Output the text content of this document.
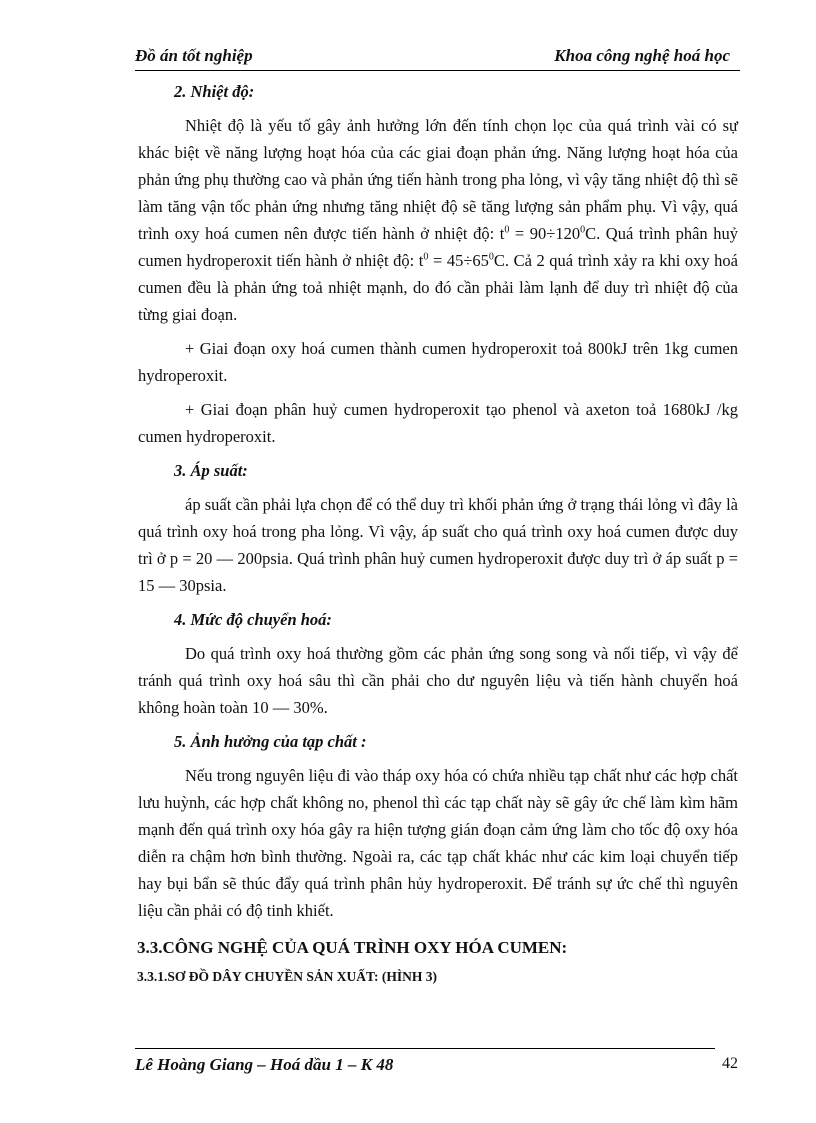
Đồ án tốt nghiệp	Khoa công nghệ hoá học
2. Nhiệt độ:

Nhiệt độ là yếu tố gây ảnh hưởng lớn đến tính chọn lọc của quá trình vài có sự khác biệt về năng lượng hoạt hóa của các giai đoạn phản ứng. Năng lượng hoạt hóa của phản ứng phụ thường cao và phản ứng tiến hành trong pha lỏng, vì vậy tăng nhiệt độ thì sẽ làm tăng vận tốc phản ứng nhưng tăng nhiệt độ sẽ tăng lượng sản phẩm phụ. Vì vậy, quá trình oxy hoá cumen nên được tiến hành ở nhiệt độ: $t^0 = 90\div 120^0C$. Quá trình phân huỷ cumen hydroperoxit tiến hành ở nhiệt độ: $t^0 = 45\div 65^0C$. Cả 2 quá trình xảy ra khi oxy hoá cumen đều là phản ứng toả nhiệt mạnh, do đó cần phải làm lạnh để duy trì nhiệt độ của từng giai đoạn.

+ Giai đoạn oxy hoá cumen thành cumen hydroperoxit toả 800kJ trên 1kg cumen hydroperoxit.

+ Giai đoạn phân huỷ cumen hydroperoxit tạo phenol và axeton toả 1680kJ /kg cumen hydroperoxit.

3. Áp suất:

áp suất cần phải lựa chọn để có thể duy trì khối phản ứng ở trạng thái lỏng vì đây là quá trình oxy hoá trong pha lỏng. Vì vậy, áp suất cho quá trình oxy hoá cumen được duy trì ở p = 20 — 200psia. Quá trình phân huỷ cumen hydroperoxit được duy trì ở áp suất p = 15 — 30psia.

4. Mức độ chuyển hoá:

Do quá trình oxy hoá thường gồm các phản ứng song song và nối tiếp, vì vậy để tránh quá trình oxy hoá sâu thì cần phải cho dư nguyên liệu và tiến hành chuyển hoá không hoàn toàn 10 — 30%.

5. Ảnh hưởng của tạp chất :

Nếu trong nguyên liệu đi vào tháp oxy hóa có chứa nhiều tạp chất như các hợp chất lưu huỳnh, các hợp chất không no, phenol thì các tạp chất này sẽ gây ức chế làm kìm hãm mạnh đến quá trình oxy hóa gây ra hiện tượng gián đoạn cảm ứng làm cho tốc độ oxy hóa diễn ra chậm hơn bình thường. Ngoài ra, các tạp chất khác như các kim loại chuyển tiếp hay bụi bẩn sẽ thúc đẩy quá trình phân hủy hydroperoxit. Để tránh sự ức chế thì nguyên liệu cần phải có độ tinh khiết.

3.3.CÔNG NGHỆ CỦA QUÁ TRÌNH OXY HÓA CUMEN:
3.3.1.SƠ ĐỒ DÂY CHUYỀN SẢN XUẤT: (HÌNH 3)
Lê Hoàng Giang – Hoá dầu 1 – K 48	42
